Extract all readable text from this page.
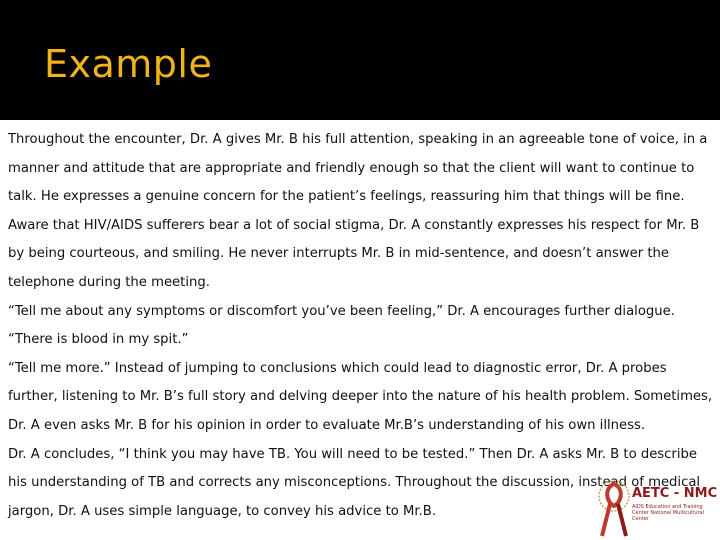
Example

Throughout the encounter, Dr. A gives Mr. B his full attention, speaking in an agreeable tone of voice, in a manner and attitude that are appropriate and friendly enough so that the client will want to continue to talk. He expresses a genuine concern for the patient’s feelings, reassuring him that things will be fine. Aware that HIV/AIDS sufferers bear a lot of social stigma, Dr. A constantly expresses his respect for Mr. B by being courteous, and smiling. He never interrupts Mr. B in mid-sentence, and doesn’t answer the telephone during the meeting.

“Tell me about any symptoms or discomfort you’ve been feeling,” Dr. A encourages further dialogue.

“There is blood in my spit.”

“Tell me more.” Instead of jumping to conclusions which could lead to diagnostic error, Dr. A probes further, listening to Mr. B’s full story and delving deeper into the nature of his health problem. Sometimes, Dr. A even asks Mr. B for his opinion in order to evaluate Mr.B’s understanding of his own illness.

Dr. A concludes, “I think you may have TB. You will need to be tested.” Then Dr. A asks Mr. B to describe his understanding of TB and corrects any misconceptions. Throughout the discussion, instead of medical jargon, Dr. A uses simple language, to convey his advice to Mr.B.

AETC - NMC
AIDS Education and Training Center National Multicultural Center
